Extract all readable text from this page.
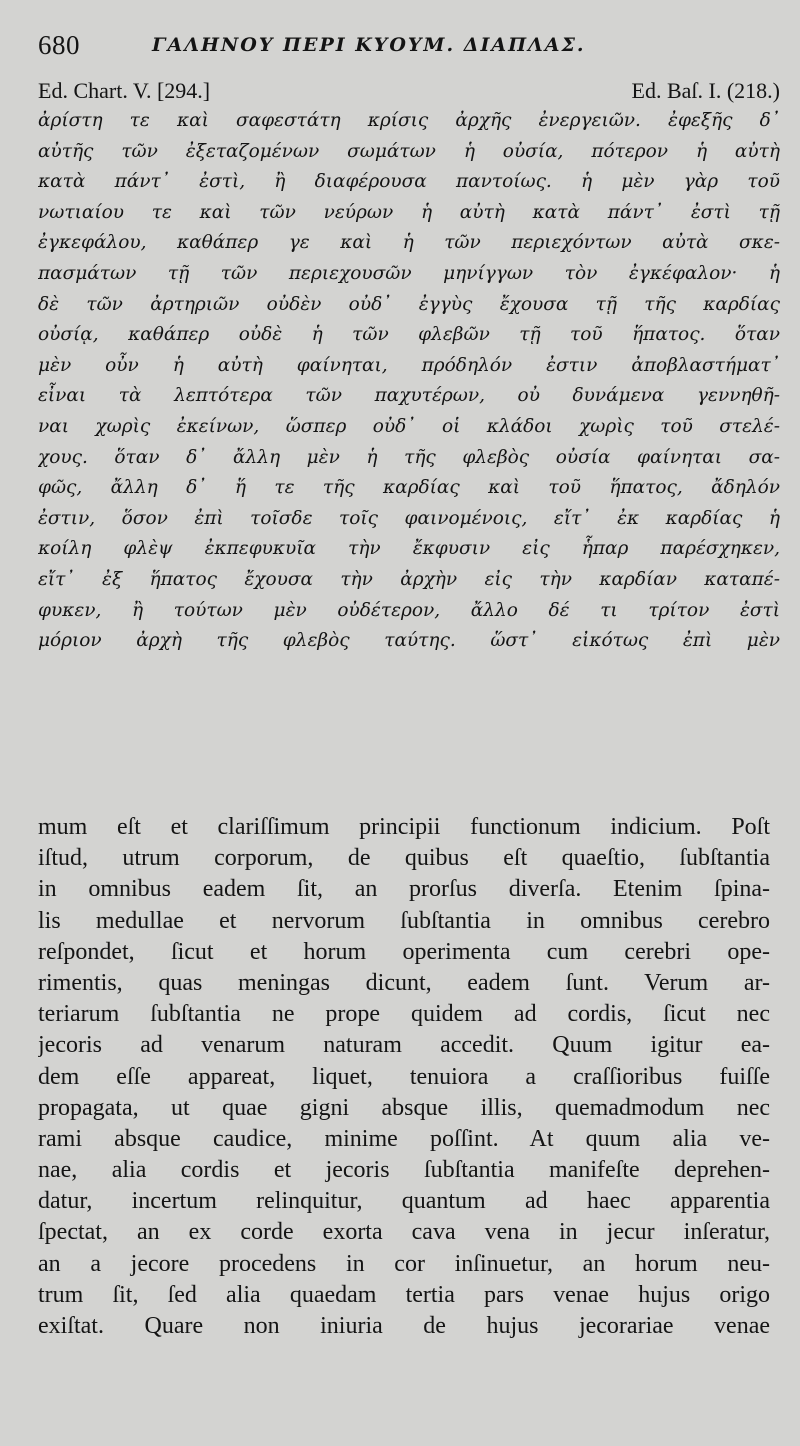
680	ΓΑΛΗΝΟΥ ΠΕΡΙ ΚΥΟΥΜ. ΔΙΑΠΛΑΣ.
Ed. Chart. V. [294.]	Ed. Baſ. I. (218.)
ἀρίστη τε καὶ σαφεστάτη κρίσις ἀρχῆς ἐνεργειῶν. ἐφεξῆς δ᾽
αὐτῆς τῶν ἐξεταζομένων σωμάτων ἡ οὐσία, πότερον ἡ αὐτὴ
κατὰ πάντ᾽ ἐστὶ, ἢ διαφέρουσα παντοίως. ἡ μὲν γὰρ τοῦ
νωτιαίου τε καὶ τῶν νεύρων ἡ αὐτὴ κατὰ πάντ᾽ ἐστὶ τῇ
ἐγκεφάλου, καθάπερ γε καὶ ἡ τῶν περιεχόντων αὐτὰ σκε-
πασμάτων τῇ τῶν περιεχουσῶν μηνίγγων τὸν ἐγκέφαλον· ἡ
δὲ τῶν ἀρτηριῶν οὐδὲν οὐδ᾽ ἐγγὺς ἔχουσα τῇ τῆς καρδίας
οὐσίᾳ, καθάπερ οὐδὲ ἡ τῶν φλεβῶν τῇ τοῦ ἥπατος. ὅταν
μὲν οὖν ἡ αὐτὴ φαίνηται, πρόδηλόν ἐστιν ἀποβλαστήματ᾽
εἶναι τὰ λεπτότερα τῶν παχυτέρων, οὐ δυνάμενα γεννηθῆ-
ναι χωρὶς ἐκείνων, ὥσπερ οὐδ᾽ οἱ κλάδοι χωρὶς τοῦ στελέ-
χους. ὅταν δ᾽ ἄλλη μὲν ἡ τῆς φλεβὸς οὐσία φαίνηται σα-
φῶς, ἄλλη δ᾽ ἥ τε τῆς καρδίας καὶ τοῦ ἥπατος, ἄδηλόν
ἐστιν, ὅσον ἐπὶ τοῖσδε τοῖς φαινομένοις, εἴτ᾽ ἐκ καρδίας ἡ
κοίλη φλὲψ ἐκπεφυκυῖα τὴν ἔκφυσιν εἰς ἧπαρ παρέσχηκεν,
εἴτ᾽ ἐξ ἥπατος ἔχουσα τὴν ἀρχὴν εἰς τὴν καρδίαν καταπέ-
φυκεν, ἢ τούτων μὲν οὐδέτερον, ἄλλο δέ τι τρίτον ἐστὶ
μόριον ἀρχὴ τῆς φλεβὸς ταύτης. ὥστ᾽ εἰκότως ἐπὶ μὲν
mum eſt et clariſſimum principii functionum indicium. Poſt
iſtud, utrum corporum, de quibus eſt quaeſtio, ſubſtantia
in omnibus eadem ſit, an prorſus diverſa. Etenim ſpina-
lis medullae et nervorum ſubſtantia in omnibus cerebro
reſpondet, ſicut et horum operimenta cum cerebri ope-
rimentis, quas meningas dicunt, eadem ſunt. Verum ar-
teriarum ſubſtantia ne prope quidem ad cordis, ſicut nec
jecoris ad venarum naturam accedit. Quum igitur ea-
dem eſſe appareat, liquet, tenuiora a craſſioribus fuiſſe
propagata, ut quae gigni absque illis, quemadmodum nec
rami absque caudice, minime poſſint. At quum alia ve-
nae, alia cordis et jecoris ſubſtantia manifeſte deprehen-
datur, incertum relinquitur, quantum ad haec apparentia
ſpectat, an ex corde exorta cava vena in jecur inſeratur,
an a jecore procedens in cor inſinuetur, an horum neu-
trum ſit, ſed alia quaedam tertia pars venae hujus origo
exiſtat. Quare non iniuria de hujus jecorariae venae
